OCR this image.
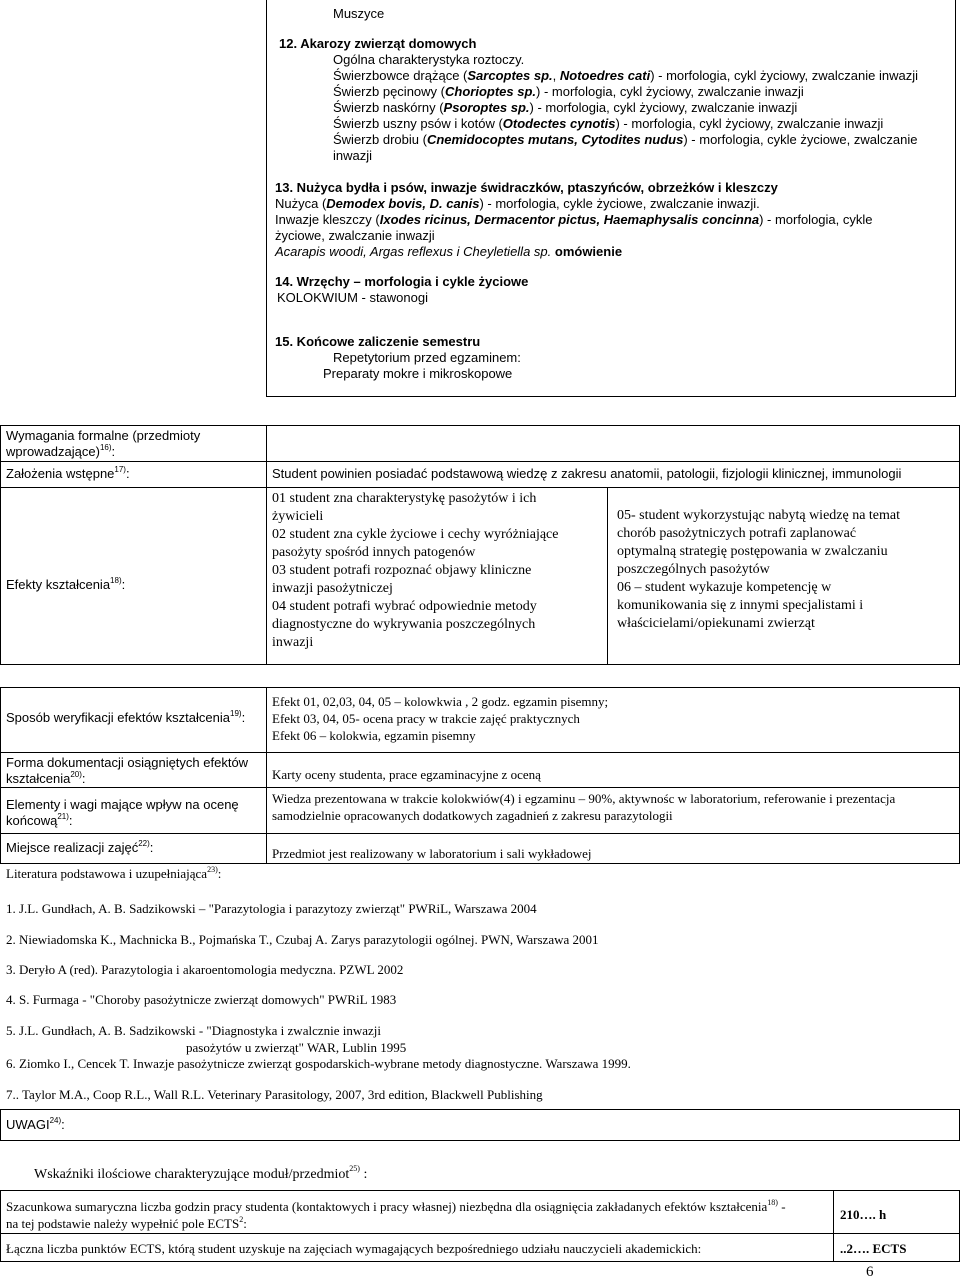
Muszyce
12. Akarozy zwierząt domowych
Ogólna charakterystyka roztoczy.
Świerzbowce drążące (Sarcoptes sp., Notoedres cati) - morfologia, cykl życiowy, zwalczanie inwazji
Świerzb pęcinowy (Chorioptes sp.) - morfologia, cykl życiowy, zwalczanie inwazji
Świerzb naskórny (Psoroptes sp.) - morfologia, cykl życiowy, zwalczanie inwazji
Świerzb uszny psów i kotów (Otodectes cynotis) - morfologia, cykl życiowy, zwalczanie inwazji
Świerzb drobiu (Cnemidocoptes mutans, Cytodites nudus) - morfologia, cykle życiowe, zwalczanie
inwazji
13. Nużyca bydła i psów, inwazje świdraczków, ptaszyńców, obrzeżków i kleszczy
Nużyca (Demodex bovis, D. canis) - morfologia, cykle życiowe, zwalczanie inwazji.
Inwazje kleszczy (Ixodes ricinus, Dermacentor pictus, Haemaphysalis concinna) - morfologia, cykle
życiowe, zwalczanie inwazji
Acarapis woodi, Argas reflexus i Cheyletiella sp. omówienie
14. Wrzęchy – morfologia i cykle życiowe
KOLOKWIUM - stawonogi
15. Końcowe zaliczenie semestru
Repetytorium przed egzaminem:
Preparaty mokre i mikroskopowe
Wymagania formalne (przedmioty
wprowadzające)$^{16)}$:
Założenia wstępne$^{17)}$:	Student powinien posiadać podstawową wiedzę z zakresu anatomii, patologii, fizjologii klinicznej, immunologii
Efekty kształcenia$^{18)}$:
01 student zna charakterystykę pasożytów i ich
żywicieli
02 student zna cykle życiowe i cechy wyróżniające
pasożyty spośród innych patogenów
03 student potrafi rozpoznać objawy kliniczne
inwazji pasożytniczej
04 student potrafi wybrać odpowiednie metody
diagnostyczne do wykrywania poszczególnych
inwazji
05- student wykorzystując nabytą wiedzę na temat
chorób pasożytniczych potrafi zaplanować
optymalną strategię postępowania w zwalczaniu
poszczególnych pasożytów
06 – student wykazuje kompetencję w
komunikowania się z innymi specjalistami i
właścicielami/opiekunami zwierząt
Sposób weryfikacji efektów kształcenia$^{19)}$:
Efekt 01, 02,03, 04, 05 – kolowkwia , 2 godz. egzamin pisemny;
Efekt 03, 04, 05- ocena pracy w trakcie zajęć praktycznych
Efekt 06 – kolokwia, egzamin pisemny
Forma dokumentacji osiągniętych efektów
kształcenia$^{20)}$:	Karty oceny studenta, prace egzaminacyjne z oceną
Elementy i wagi mające wpływ na ocenę
końcową$^{21)}$:
Wiedza prezentowana w trakcie kolokwiów(4) i egzaminu – 90%, aktywnośc w laboratorium, referowanie i prezentacja
samodzielnie opracowanych dodatkowych zagadnień z zakresu parazytologii
Miejsce realizacji zajęć$^{22)}$:	Przedmiot jest realizowany w laboratorium i sali wykładowej
Literatura podstawowa i uzupełniająca$^{23)}$:
1. J.L. Gundłach, A. B. Sadzikowski – "Parazytologia i parazytozy zwierząt" PWRiL, Warszawa 2004
2. Niewiadomska K., Machnicka B., Pojmańska T., Czubaj A. Zarys parazytologii ogólnej. PWN, Warszawa 2001
3. Deryło A (red). Parazytologia i akaroentomologia medyczna. PZWL 2002
4. S. Furmaga - "Choroby pasożytnicze zwierząt domowych" PWRiL 1983
5. J.L. Gundłach, A. B. Sadzikowski - "Diagnostyka i zwalcznie inwazji
pasożytów u zwierząt" WAR, Lublin 1995
6. Ziomko I., Cencek T. Inwazje pasożytnicze zwierząt gospodarskich-wybrane metody diagnostyczne. Warszawa 1999.
7.. Taylor M.A., Coop R.L., Wall R.L. Veterinary Parasitology, 2007, 3rd edition, Blackwell Publishing
UWAGI$^{24)}$:
Wskaźniki ilościowe charakteryzujące moduł/przedmiot$^{25)}$ :
Szacunkowa sumaryczna liczba godzin pracy studenta (kontaktowych i pracy własnej) niezbędna dla osiągnięcia zakładanych efektów kształcenia$^{18)}$ -
na tej podstawie należy wypełnić pole ECTS$^2$:
210…. h
Łączna liczba punktów ECTS, którą student uzyskuje na zajęciach wymagających bezpośredniego udziału nauczycieli akademickich:	..2…. ECTS
6
